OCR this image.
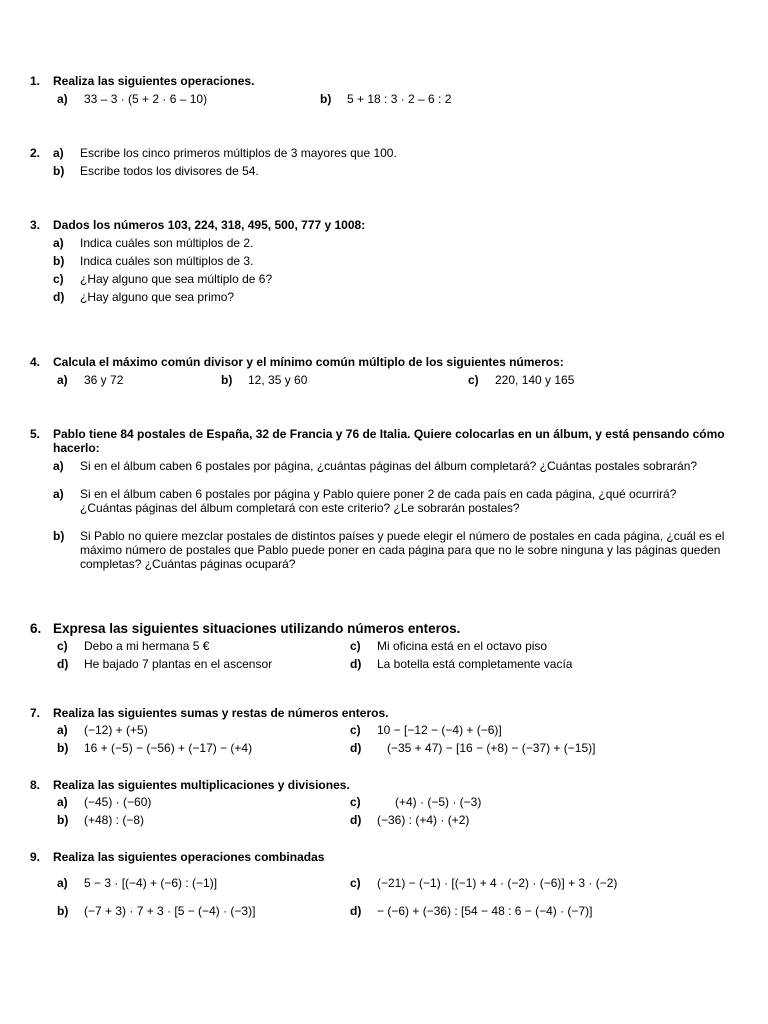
1.	Realiza las siguientes operaciones.
a)	33 – 3 · (5 + 2 · 6 – 10)	b)	5 + 18 : 3 · 2 – 6 : 2
2.	a)	Escribe los cinco primeros múltiplos de 3 mayores que 100.
b)	Escribe todos los divisores de 54.
3.	Dados los números 103, 224, 318, 495, 500, 777 y 1008:
a)	Indica cuáles son múltiplos de 2.
b)	Indica cuáles son múltiplos de 3.
c)	¿Hay alguno que sea múltiplo de 6?
d)	¿Hay alguno que sea primo?
4.	Calcula el máximo común divisor y el mínimo común múltiplo de los siguientes números:
a)	36 y 72	b)	12, 35 y 60	c)	220, 140 y 165
5.	Pablo tiene 84 postales de España, 32 de Francia y 76 de Italia. Quiere colocarlas en un álbum, y está pensando cómo hacerlo:
a)	Si en el álbum caben 6 postales por página, ¿cuántas páginas del álbum completará? ¿Cuántas postales sobrarán?
a)	Si en el álbum caben 6 postales por página y Pablo quiere poner 2 de cada país en cada página, ¿qué ocurrirá? ¿Cuántas páginas del álbum completará con este criterio? ¿Le sobrarán postales?
b)	Si Pablo no quiere mezclar postales de distintos países y puede elegir el número de postales en cada página, ¿cuál es el máximo número de postales que Pablo puede poner en cada página para que no le sobre ninguna y las páginas queden completas? ¿Cuántas páginas ocupará?
6. Expresa las siguientes situaciones utilizando números enteros.
c)	Debo a mi hermana 5 €	c)	Mi oficina está en el octavo piso
d)	He bajado 7 plantas en el ascensor	d)	La botella está completamente vacía
7.	Realiza las siguientes sumas y restas de números enteros.
a)	(−12) + (+5)	c)	10 − [−12 − (−4) + (−6)]
b)	16 + (−5) − (−56) + (−17) − (+4)	d)	(−35 + 47) − [16 − (+8) − (−37) + (−15)]
8.	Realiza las siguientes multiplicaciones y divisiones.
a)	(−45) · (−60)	c)	(+4) · (−5) · (−3)
b)	(+48) : (−8)	d)	(−36) : (+4) · (+2)
9.	Realiza las siguientes operaciones combinadas
a)	5 − 3 · [(−4) + (−6) : (−1)]	c)	(−21) − (−1) · [(−1) + 4 · (−2) · (−6)] + 3 · (−2)
b)	(−7 + 3) · 7 + 3 · [5 − (−4) · (−3)]	d)	− (−6) + (−36) : [54 − 48 : 6 − (−4) · (−7)]
